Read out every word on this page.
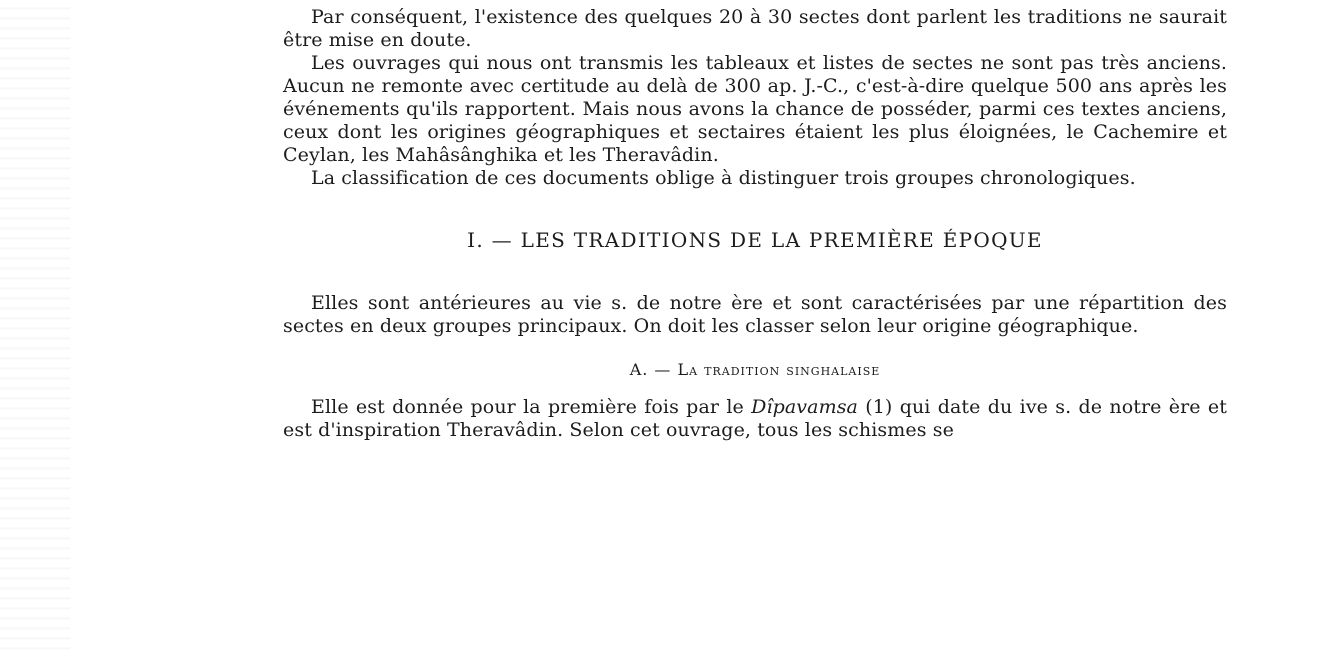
Par conséquent, l'existence des quelques 20 à 30 sectes dont parlent les traditions ne saurait être mise en doute.

Les ouvrages qui nous ont transmis les tableaux et listes de sectes ne sont pas très anciens. Aucun ne remonte avec certitude au delà de 300 ap. J.-C., c'est-à-dire quelque 500 ans après les événements qu'ils rapportent. Mais nous avons la chance de posséder, parmi ces textes anciens, ceux dont les origines géographiques et sectaires étaient les plus éloignées, le Cachemire et Ceylan, les Mahâsânghika et les Theravâdin.

La classification de ces documents oblige à distinguer trois groupes chronologiques.

I. — LES TRADITIONS DE LA PREMIÈRE ÉPOQUE

Elles sont antérieures au vie s. de notre ère et sont caractérisées par une répartition des sectes en deux groupes principaux. On doit les classer selon leur origine géographique.

A. — La tradition singhalaise

Elle est donnée pour la première fois par le Dîpavamsa (1) qui date du ive s. de notre ère et est d'inspiration Theravâdin. Selon cet ouvrage, tous les schismes se
